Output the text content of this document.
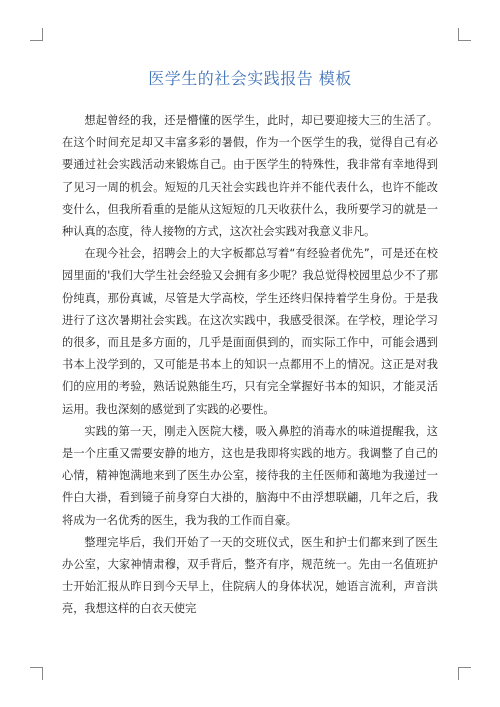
医学生的社会实践报告 模板

想起曾经的我，还是懵懂的医学生，此时，却已要迎接大三的生活了。在这个时间充足却又丰富多彩的暑假，作为一个医学生的我，觉得自己有必要通过社会实践活动来锻炼自己。由于医学生的特殊性，我非常有幸地得到了见习一周的机会。短短的几天社会实践也许并不能代表什么，也许不能改变什么，但我所看重的是能从这短短的几天收获什么，我所要学习的就是一种认真的态度，待人接物的方式，这次社会实践对我意义非凡。

在现今社会，招聘会上的大字板都总写着“有经验者优先”，可是还在校园里面的'我们大学生社会经验又会拥有多少呢？我总觉得校园里总少不了那份纯真，那份真诚，尽管是大学高校，学生还终归保持着学生身份。于是我进行了这次暑期社会实践。在这次实践中，我感受很深。在学校，理论学习的很多，而且是多方面的，几乎是面面俱到的，而实际工作中，可能会遇到书本上没学到的，又可能是书本上的知识一点都用不上的情况。这正是对我们的应用的考验，熟话说熟能生巧，只有完全掌握好书本的知识，才能灵活运用。我也深刻的感觉到了实践的必要性。

实践的第一天，刚走入医院大楼，吸入鼻腔的消毒水的味道提醒我，这是一个庄重又需要安静的地方，这也是我即将实践的地方。我调整了自己的心情，精神饱满地来到了医生办公室，接待我的主任医师和蔼地为我递过一件白大褂，看到镜子前身穿白大褂的，脑海中不由浮想联翩，几年之后，我将成为一名优秀的医生，我为我的工作而自豪。

整理完毕后，我们开始了一天的交班仪式，医生和护士们都来到了医生办公室，大家神情肃穆，双手背后，整齐有序，规范统一。先由一名值班护士开始汇报从昨日到今天早上，住院病人的身体状况，她语言流利，声音洪亮，我想这样的白衣天使完
